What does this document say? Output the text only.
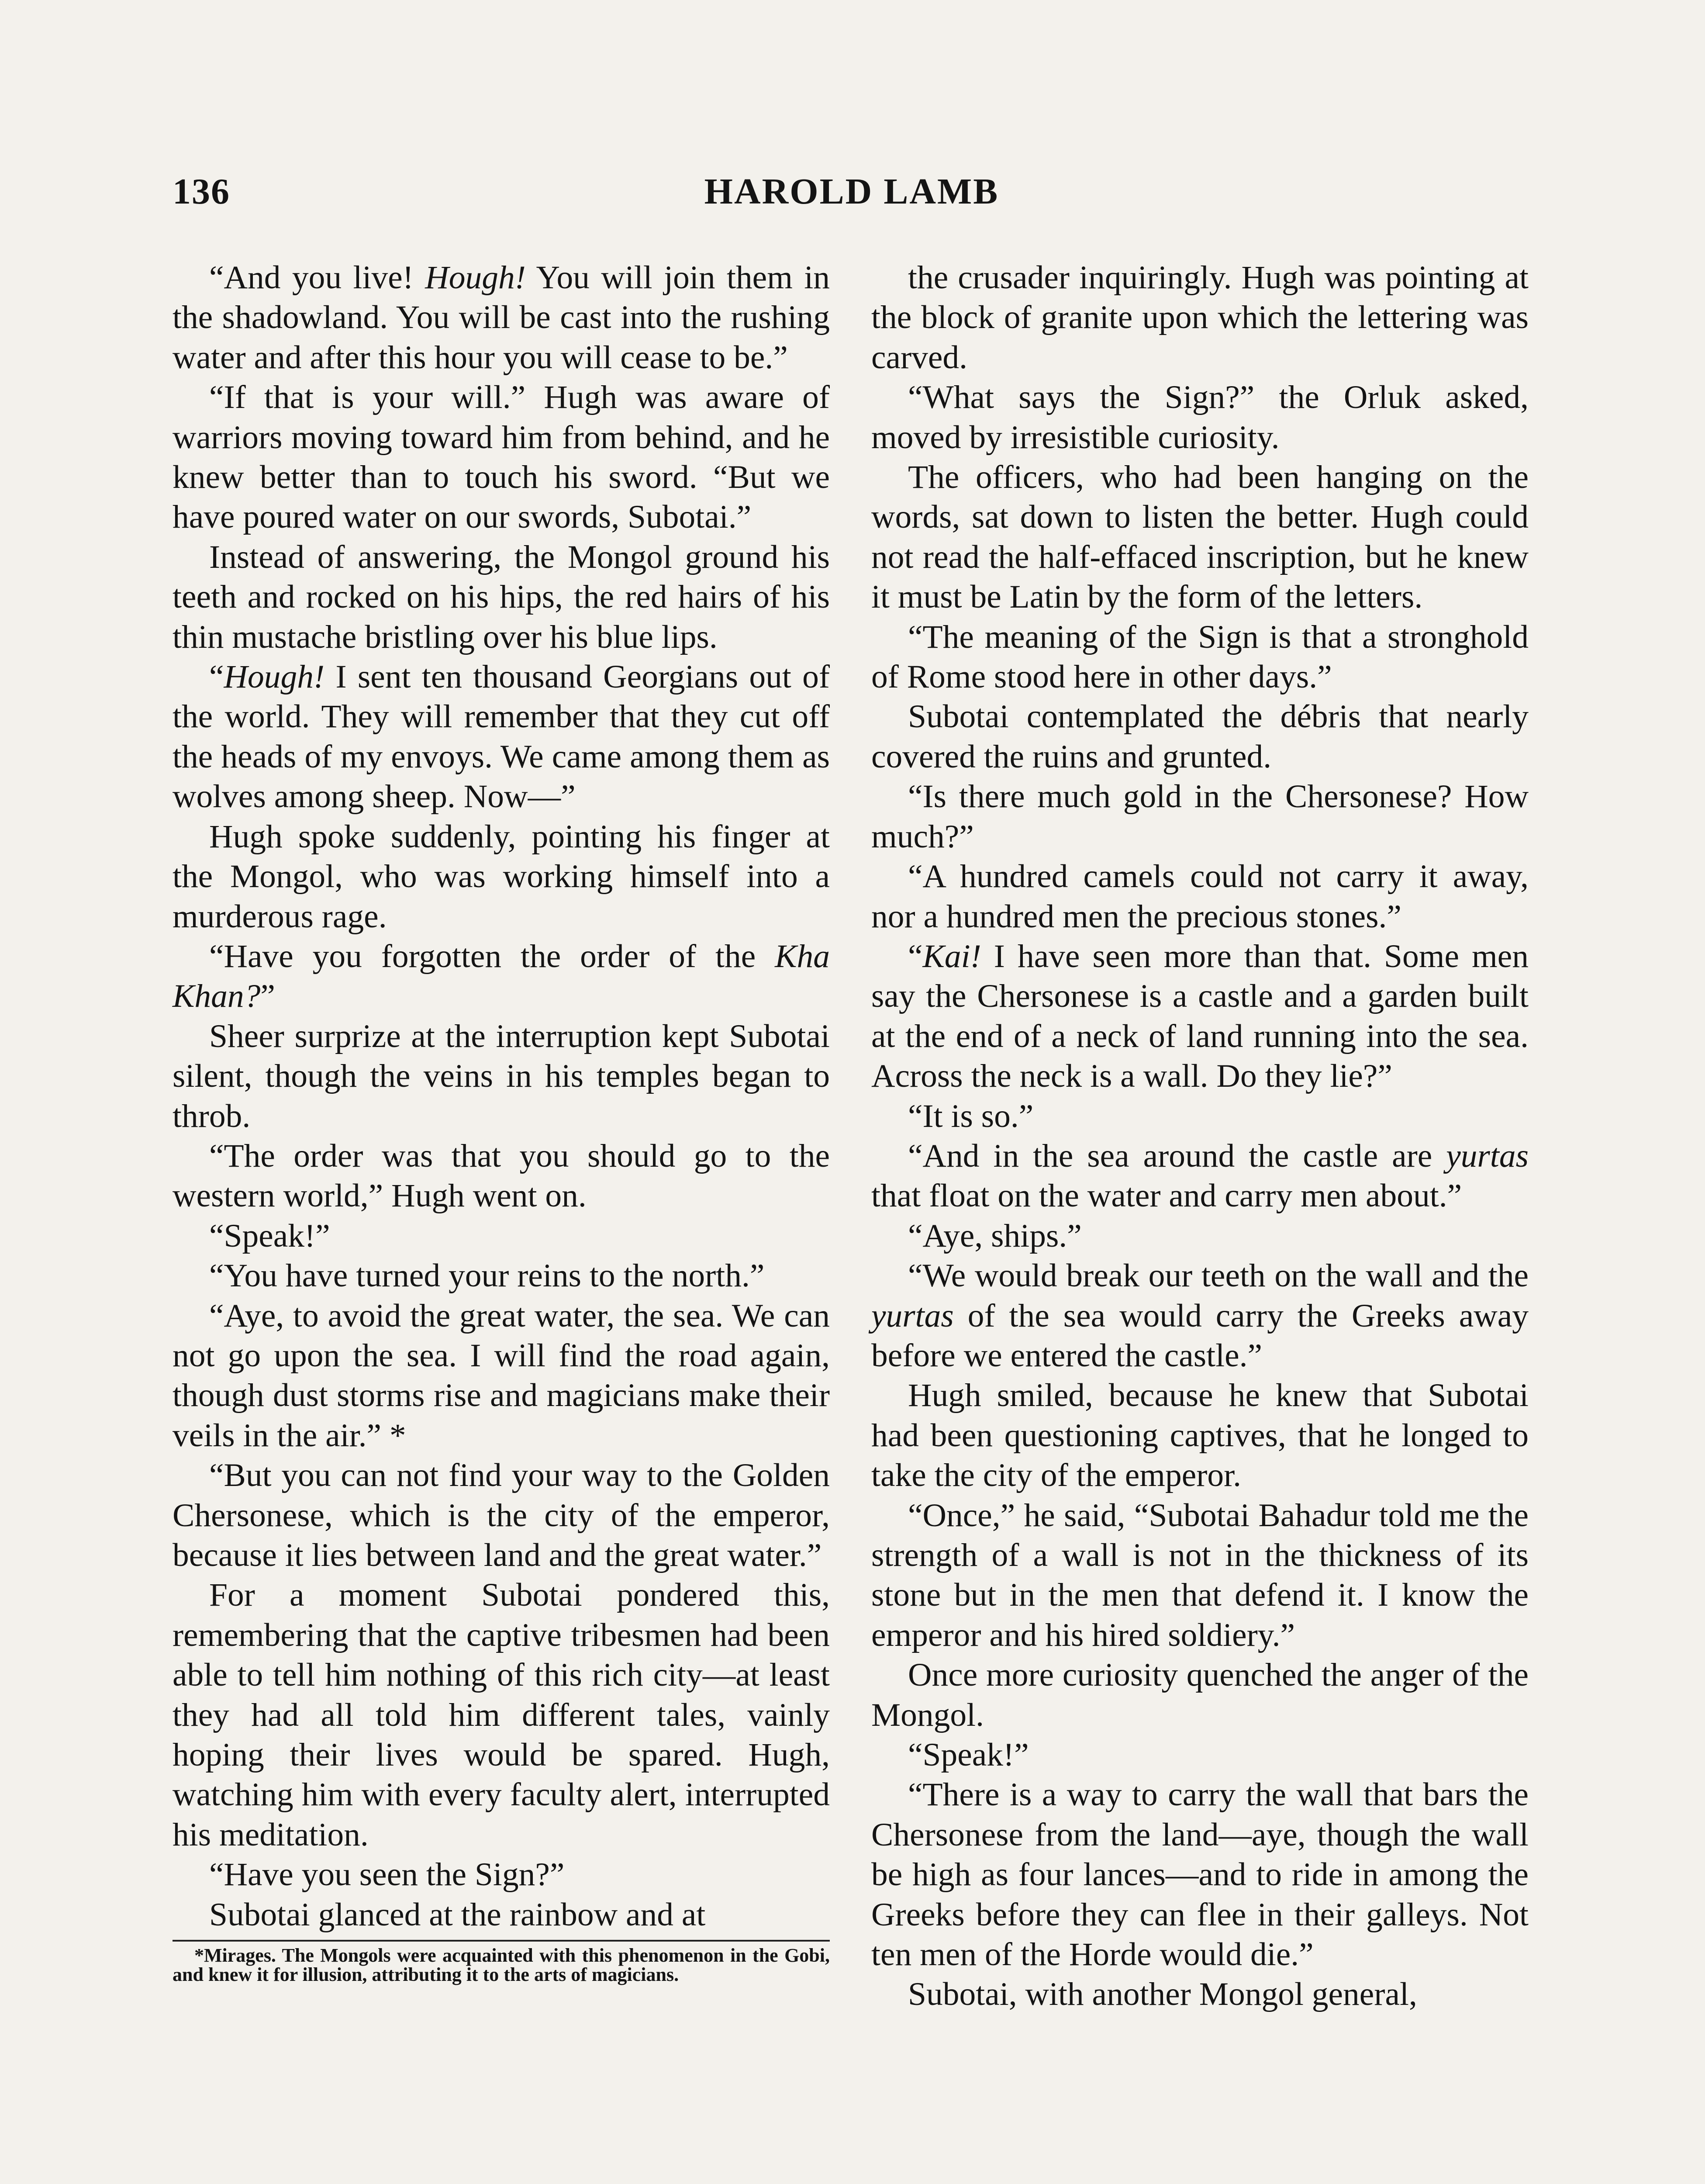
136	HAROLD LAMB

“And you live! Hough! You will join them in the shadowland. You will be cast into the rushing water and after this hour you will cease to be.”

“If that is your will.” Hugh was aware of warriors moving toward him from behind, and he knew better than to touch his sword. “But we have poured water on our swords, Subotai.”

Instead of answering, the Mongol ground his teeth and rocked on his hips, the red hairs of his thin mustache bristling over his blue lips.

“Hough! I sent ten thousand Georgians out of the world. They will remember that they cut off the heads of my envoys. We came among them as wolves among sheep. Now—”

Hugh spoke suddenly, pointing his finger at the Mongol, who was working himself into a murderous rage.

“Have you forgotten the order of the Kha Khan?”

Sheer surprize at the interruption kept Subotai silent, though the veins in his temples began to throb.

“The order was that you should go to the western world,” Hugh went on.

“Speak!”

“You have turned your reins to the north.”

“Aye, to avoid the great water, the sea. We can not go upon the sea. I will find the road again, though dust storms rise and magicians make their veils in the air.” *

“But you can not find your way to the Golden Chersonese, which is the city of the emperor, because it lies between land and the great water.”

For a moment Subotai pondered this, remembering that the captive tribesmen had been able to tell him nothing of this rich city—at least they had all told him different tales, vainly hoping their lives would be spared. Hugh, watching him with every faculty alert, interrupted his meditation.

“Have you seen the Sign?”

Subotai glanced at the rainbow and at

*Mirages. The Mongols were acquainted with this phenomenon in the Gobi, and knew it for illusion, attributing it to the arts of magicians.

the crusader inquiringly. Hugh was pointing at the block of granite upon which the lettering was carved.

“What says the Sign?” the Orluk asked, moved by irresistible curiosity.

The officers, who had been hanging on the words, sat down to listen the better. Hugh could not read the half-effaced inscription, but he knew it must be Latin by the form of the letters.

“The meaning of the Sign is that a stronghold of Rome stood here in other days.”

Subotai contemplated the débris that nearly covered the ruins and grunted.

“Is there much gold in the Chersonese? How much?”

“A hundred camels could not carry it away, nor a hundred men the precious stones.”

“Kai! I have seen more than that. Some men say the Chersonese is a castle and a garden built at the end of a neck of land running into the sea. Across the neck is a wall. Do they lie?”

“It is so.”

“And in the sea around the castle are yurtas that float on the water and carry men about.”

“Aye, ships.”

“We would break our teeth on the wall and the yurtas of the sea would carry the Greeks away before we entered the castle.”

Hugh smiled, because he knew that Subotai had been questioning captives, that he longed to take the city of the emperor.

“Once,” he said, “Subotai Bahadur told me the strength of a wall is not in the thickness of its stone but in the men that defend it. I know the emperor and his hired soldiery.”

Once more curiosity quenched the anger of the Mongol.

“Speak!”

“There is a way to carry the wall that bars the Chersonese from the land—aye, though the wall be high as four lances—and to ride in among the Greeks before they can flee in their galleys. Not ten men of the Horde would die.”

Subotai, with another Mongol general,
